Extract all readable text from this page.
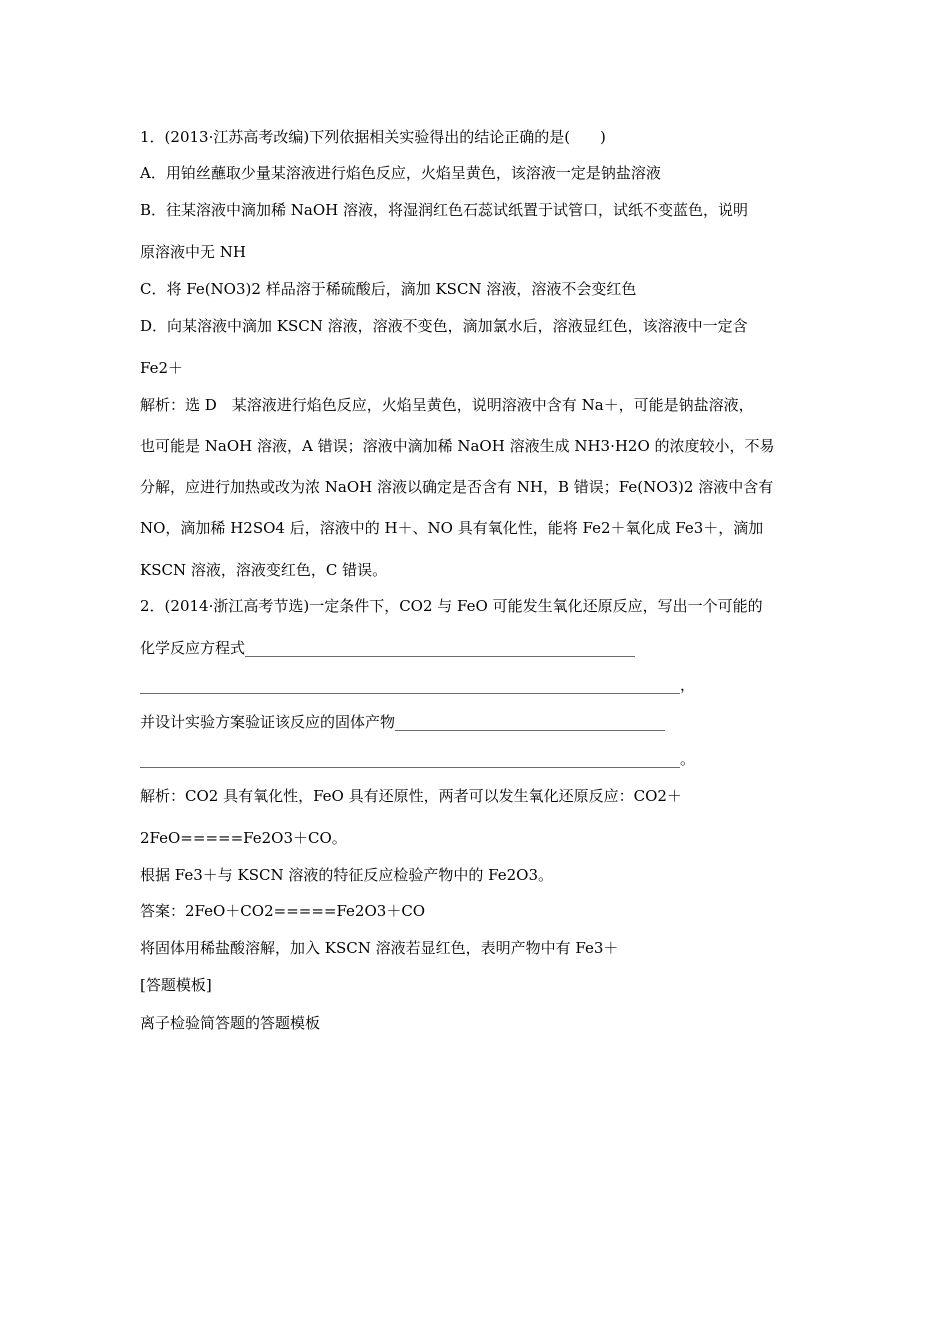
1．(2013·江苏高考改编)下列依据相关实验得出的结论正确的是(　　)
A．用铂丝蘸取少量某溶液进行焰色反应，火焰呈黄色，该溶液一定是钠盐溶液
B．往某溶液中滴加稀 NaOH 溶液，将湿润红色石蕊试纸置于试管口，试纸不变蓝色，说明
原溶液中无 NH
C．将 Fe(NO3)2 样品溶于稀硫酸后，滴加 KSCN 溶液，溶液不会变红色
D．向某溶液中滴加 KSCN 溶液，溶液不变色，滴加氯水后，溶液显红色，该溶液中一定含
Fe2＋
解析：选 D　某溶液进行焰色反应，火焰呈黄色，说明溶液中含有 Na＋，可能是钠盐溶液，
也可能是 NaOH 溶液，A 错误；溶液中滴加稀 NaOH 溶液生成 NH3·H2O 的浓度较小，不易
分解，应进行加热或改为浓 NaOH 溶液以确定是否含有 NH，B 错误；Fe(NO3)2 溶液中含有
NO，滴加稀 H2SO4 后，溶液中的 H＋、NO 具有氧化性，能将 Fe2＋氧化成 Fe3＋，滴加
KSCN 溶液，溶液变红色，C 错误。
2．(2014·浙江高考节选)一定条件下，CO2 与 FeO 可能发生氧化还原反应，写出一个可能的
化学反应方程式____________________________________________________
________________________________________________________________________，
并设计实验方案验证该反应的固体产物____________________________________
________________________________________________________________________。
解析：CO2 具有氧化性，FeO 具有还原性，两者可以发生氧化还原反应：CO2＋
2FeO=====Fe2O3＋CO。
根据 Fe3＋与 KSCN 溶液的特征反应检验产物中的 Fe2O3。
答案：2FeO＋CO2=====Fe2O3＋CO
将固体用稀盐酸溶解，加入 KSCN 溶液若显红色，表明产物中有 Fe3＋
[答题模板]
离子检验简答题的答题模板
